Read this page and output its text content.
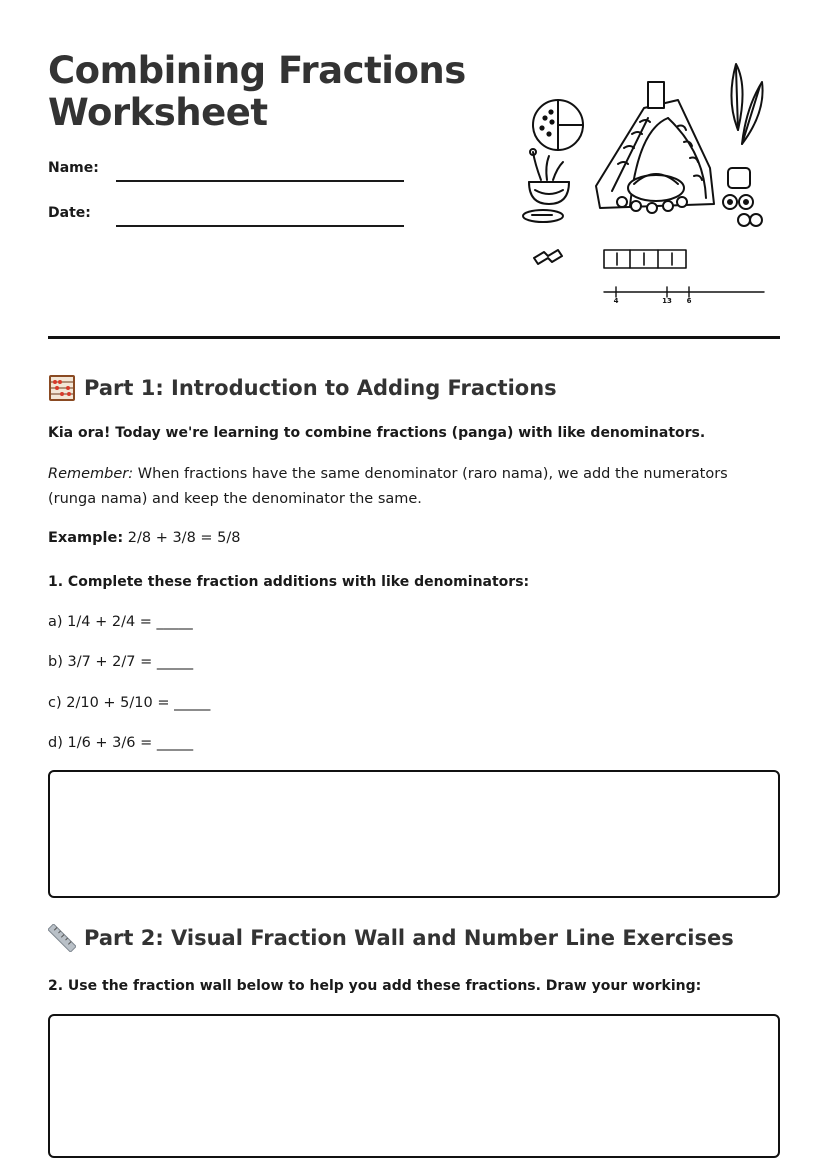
Combining Fractions
Worksheet
Name:
Date:
4	13 6
Part 1: Introduction to Adding Fractions

Kia ora! Today we're learning to combine fractions (panga) with like denominators.

Remember: When fractions have the same denominator (raro nama), we add the numerators (runga nama) and keep the denominator the same.

Example: 2/8 + 3/8 = 5/8

1. Complete these fraction additions with like denominators:

a) 1/4 + 2/4 = _____

b) 3/7 + 2/7 = _____

c) 2/10 + 5/10 = _____

d) 1/6 + 3/6 = _____

Part 2: Visual Fraction Wall and Number Line Exercises

2. Use the fraction wall below to help you add these fractions. Draw your working:
